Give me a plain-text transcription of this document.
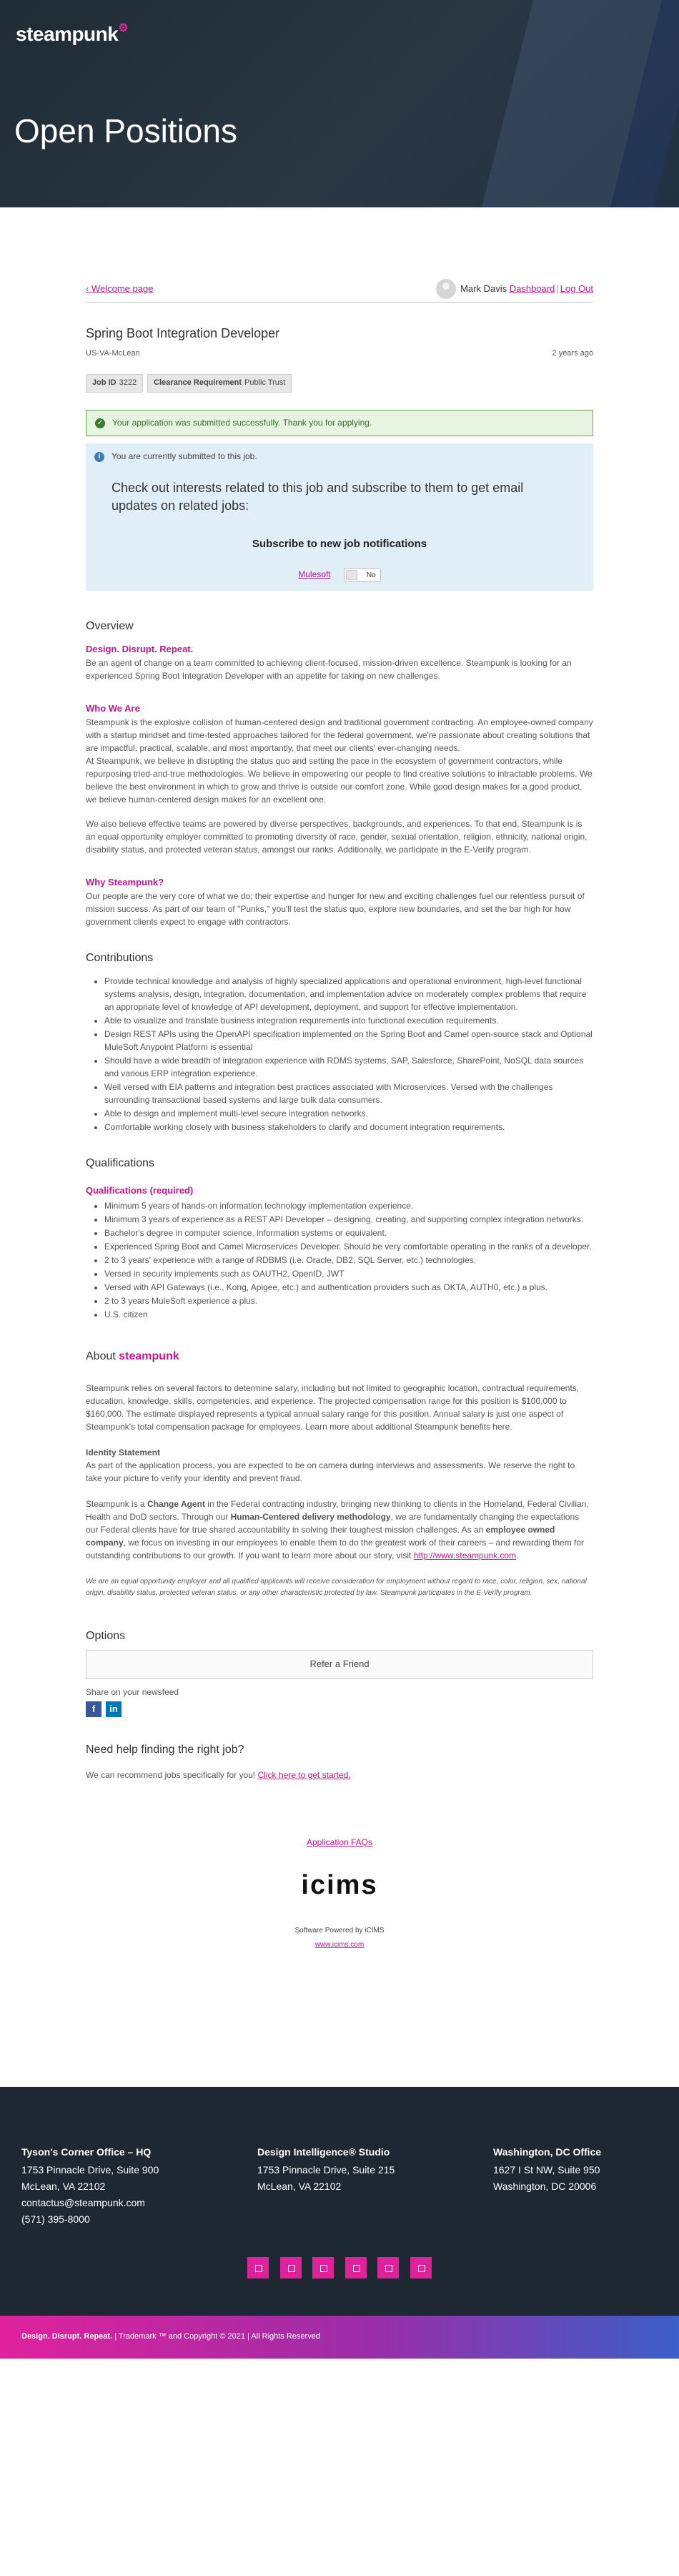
steampunk⚙
Open Positions
‹ Welcome page	Mark Davis
Dashboard | Log Out
Spring Boot Integration Developer
US-VA-McLean	2 years ago
Job ID 3222	Clearance Requirement Public Trust
✓ Your application was submitted successfully. Thank you for applying.
i	You are currently submitted to this job.
Check out interests related to this job and subscribe to them to get email updates on related jobs:
Subscribe to new job notifications
Mulesoft	No
Overview
Design. Disrupt. Repeat.

Be an agent of change on a team committed to achieving client-focused, mission-driven excellence. Steampunk is looking for an experienced Spring Boot Integration Developer with an appetite for taking on new challenges.

Who We Are

Steampunk is the explosive collision of human-centered design and traditional government contracting. An employee-owned company with a startup mindset and time-tested approaches tailored for the federal government, we're passionate about creating solutions that are impactful, practical, scalable, and most importantly, that meet our clients' ever-changing needs.

At Steampunk, we believe in disrupting the status quo and setting the pace in the ecosystem of government contractors, while repurposing tried-and-true methodologies. We believe in empowering our people to find creative solutions to intractable problems. We believe the best environment in which to grow and thrive is outside our comfort zone. While good design makes for a good product, we believe human-centered design makes for an excellent one.

We also believe effective teams are powered by diverse perspectives, backgrounds, and experiences. To that end, Steampunk is is an equal opportunity employer committed to promoting diversity of race, gender, sexual orientation, religion, ethnicity, national origin, disability status, and protected veteran status, amongst our ranks. Additionally, we participate in the E-Verify program.

Why Steampunk?

Our people are the very core of what we do; their expertise and hunger for new and exciting challenges fuel our relentless pursuit of mission success. As part of our team of "Punks," you'll test the status quo, explore new boundaries, and set the bar high for how government clients expect to engage with contractors.

Contributions
• Provide technical knowledge and analysis of highly specialized applications and operational environment, high-level functional systems analysis, design, integration, documentation, and implementation advice on moderately complex problems that require an appropriate level of knowledge of API development, deployment, and support for effective implementation.
• Able to visualize and translate business integration requirements into functional execution requirements.
• Design REST APIs using the OpenAPI specification implemented on the Spring Boot and Camel open-source stack and Optional MuleSoft Anypoint Platform is essential
• Should have a wide breadth of integration experience with RDMS systems, SAP, Salesforce, SharePoint, NoSQL data sources and various ERP integration experience.
• Well versed with EIA patterns and integration best practices associated with Microservices. Versed with the challenges surrounding transactional based systems and large bulk data consumers.
• Able to design and implement multi-level secure integration networks.
• Comfortable working closely with business stakeholders to clarify and document integration requirements.
Qualifications
Qualifications (required)
• Minimum 5 years of hands-on information technology implementation experience.
• Minimum 3 years of experience as a REST API Developer – designing, creating, and supporting complex integration networks.
• Bachelor's degree in computer science, information systems or equivalent.
• Experienced Spring Boot and Camel Microservices Developer. Should be very comfortable operating in the ranks of a developer.
• 2 to 3 years' experience with a range of RDBMS (i.e. Oracle, DB2, SQL Server, etc.) technologies.
• Versed in security implements such as OAUTH2, OpenID, JWT
• Versed with API Gateways (i.e., Kong, Apigee, etc.) and authentication providers such as OKTA, AUTH0, etc.) a plus.
• 2 to 3 years MuleSoft experience a plus.
• U.S. citizen
About steampunk

Steampunk relies on several factors to determine salary, including but not limited to geographic location, contractual requirements, education, knowledge, skills, competencies, and experience. The projected compensation range for this position is $100,000 to $160,000. The estimate displayed represents a typical annual salary range for this position. Annual salary is just one aspect of Steampunk's total compensation package for employees. Learn more about additional Steampunk benefits here.

Identity Statement

As part of the application process, you are expected to be on camera during interviews and assessments. We reserve the right to take your picture to verify your identity and prevent fraud.

Steampunk is a Change Agent in the Federal contracting industry, bringing new thinking to clients in the Homeland, Federal Civilian, Health and DoD sectors. Through our Human-Centered delivery methodology, we are fundamentally changing the expectations our Federal clients have for true shared accountability in solving their toughest mission challenges. As an employee owned company, we focus on investing in our employees to enable them to do the greatest work of their careers – and rewarding them for outstanding contributions to our growth. If you want to learn more about our story, visit http://www.steampunk.com.

We are an equal opportunity employer and all qualified applicants will receive consideration for employment without regard to race, color, religion, sex, national origin, disability status, protected veteran status, or any other characteristic protected by law. Steampunk participates in the E-Verify program.

Options
Refer a Friend
Share on your newsfeed
f in
Need help finding the right job?

We can recommend jobs specifically for you! Click here to get started.

Application FAQs
icims
Software Powered by iCIMS
www.icims.com
Tyson's Corner Office – HQ
1753 Pinnacle Drive, Suite 900
McLean, VA 22102
contactus@steampunk.com
(571) 395-8000
Design Intelligence® Studio
1753 Pinnacle Drive, Suite 215
McLean, VA 22102
Washington, DC Office
1627 I St NW, Suite 950
Washington, DC 20006

Design. Disrupt. Repeat. | Trademark ™ and Copyright © 2021 | All Rights Reserved
